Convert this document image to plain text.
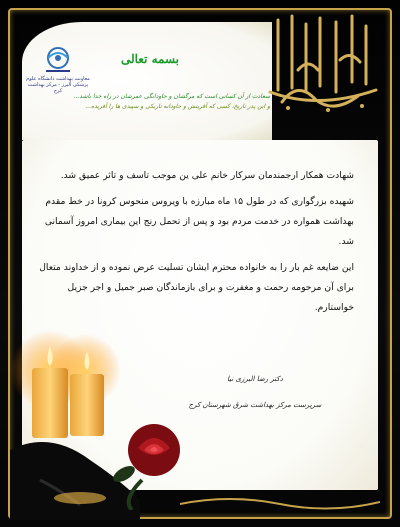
معاونت بهداشت دانشگاه علوم پزشکی البرز - مرکز بهداشت کرج
بسمه تعالی
سعادت از آن کسانی است که مرگشان و جاودانگی عمرشان در راه خدا باشد...
و این پدر تاریخ، کسی که آفرینش و جاودانه تاریکی و سپیدی ها را آفریده...

شهادت همکار ارجمندمان سرکار خانم علی ین موجب تاسف و تاثر عمیق شد.

شهیده بزرگواری که در طول ۱۵ ماه مبارزه با ویروس منحوس کرونا در خط مقدم بهداشت همواره در خدمت مردم بود و پس از تحمل رنج این بیماری امروز آسمانی شد.

این ضایعه غم بار را به خانواده محترم ایشان تسلیت عرض نموده و از خداوند متعال برای آن مرحومه رحمت و مغفرت و برای بازماندگان صبر جمیل و اجر جزیل خواستارم.

دکتر رضا البرزی نیا
سرپرست مرکز بهداشت شرق شهرستان کرج
